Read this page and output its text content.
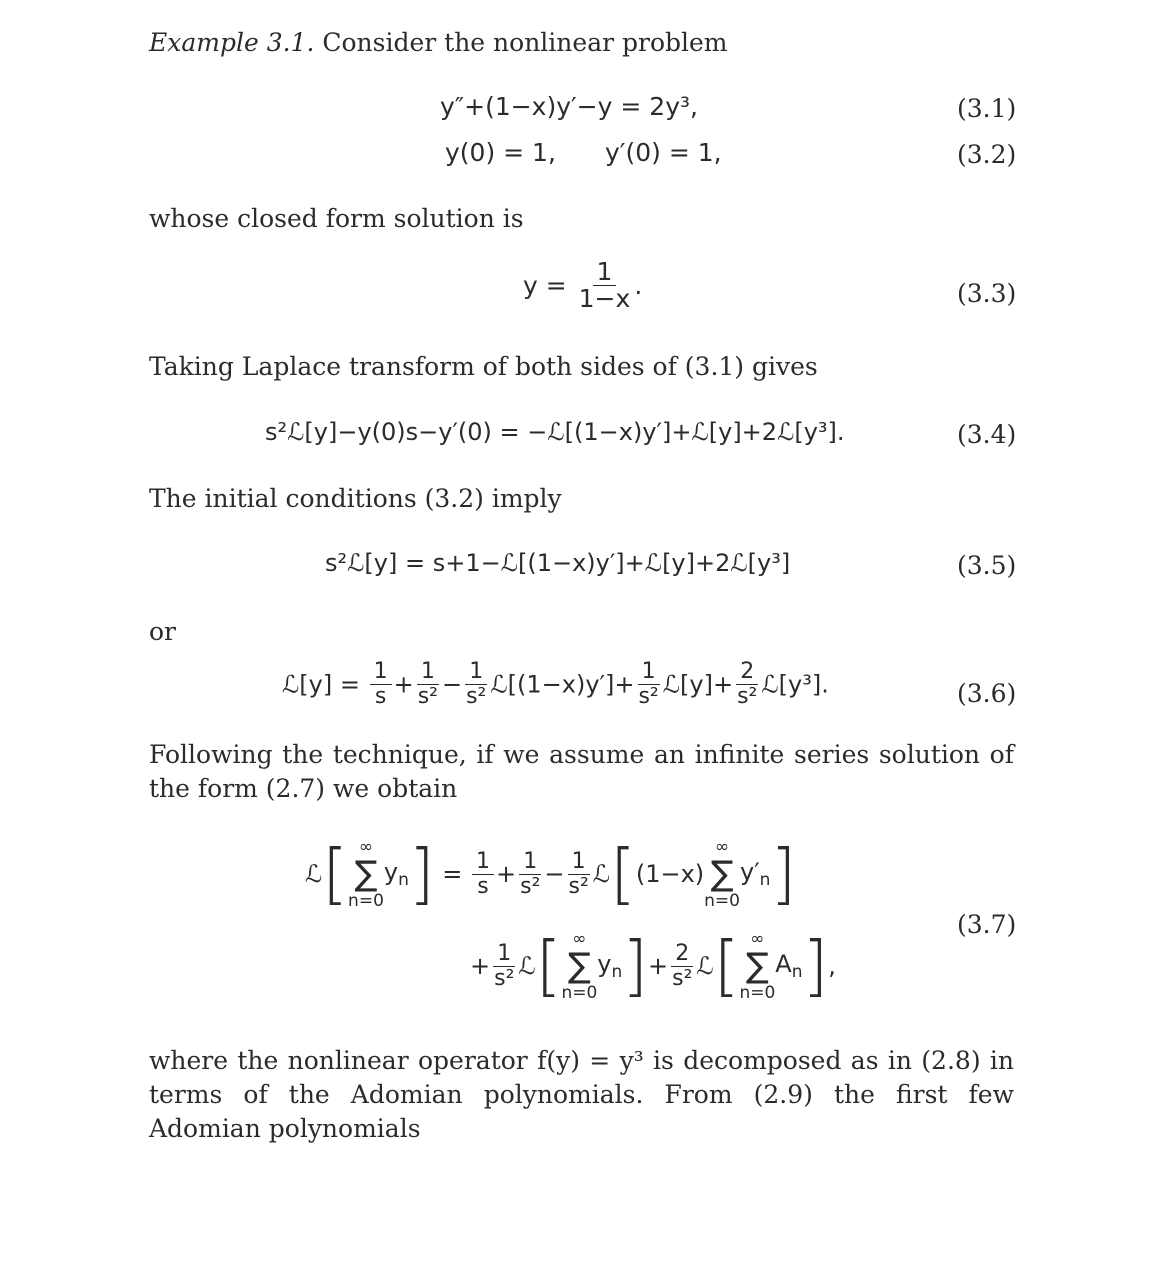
Example 3.1. Consider the nonlinear problem
y″+(1−x)y′−y = 2y³,	(3.1)
y(0) = 1, y′(0) = 1,	(3.2)
whose closed form solution is
$y = \frac{1}{1-x}$ .	(3.3)
Taking Laplace transform of both sides of (3.1) gives
s²ℒ[y]−y(0)s−y′(0) = −ℒ[(1−x)y′]+ℒ[y]+2ℒ[y³].	(3.4)
The initial conditions (3.2) imply
s²ℒ[y] = s+1−ℒ[(1−x)y′]+ℒ[y]+2ℒ[y³]	(3.5)
or
ℒ[y] = $\frac{1}{s} + \frac{1}{\text{s²}} - \frac{1}{\text{s²}}$ ℒ[(1−x)y′]+ $\frac{1}{\text{s²}}$ ℒ[y]+ $\frac{2}{\text{s²}}$ ℒ[y³].	(3.6)
Following the technique, if we assume an infinite series solution of the form (2.7) we obtain
ℒ[ ∞
∑
n=0
$y_n] = \frac{1}{s} + \frac{1}{\text{s²}} - \frac{1}{\text{s²}}$ ℒ[(1−x)
∞
∑
n=0
$y'_n$]
+ $\frac{1}{\text{s²}}$ ℒ[ ∞
∑
n=0
$y_n]+ \frac{2}{\text{s²}}$ ℒ[ ∞
∑
n=0
$A_n$],
(3.7)
where the nonlinear operator f(y) = y³ is decomposed as in (2.8) in terms of the Adomian polynomials. From (2.9) the first few Adomian polynomials
